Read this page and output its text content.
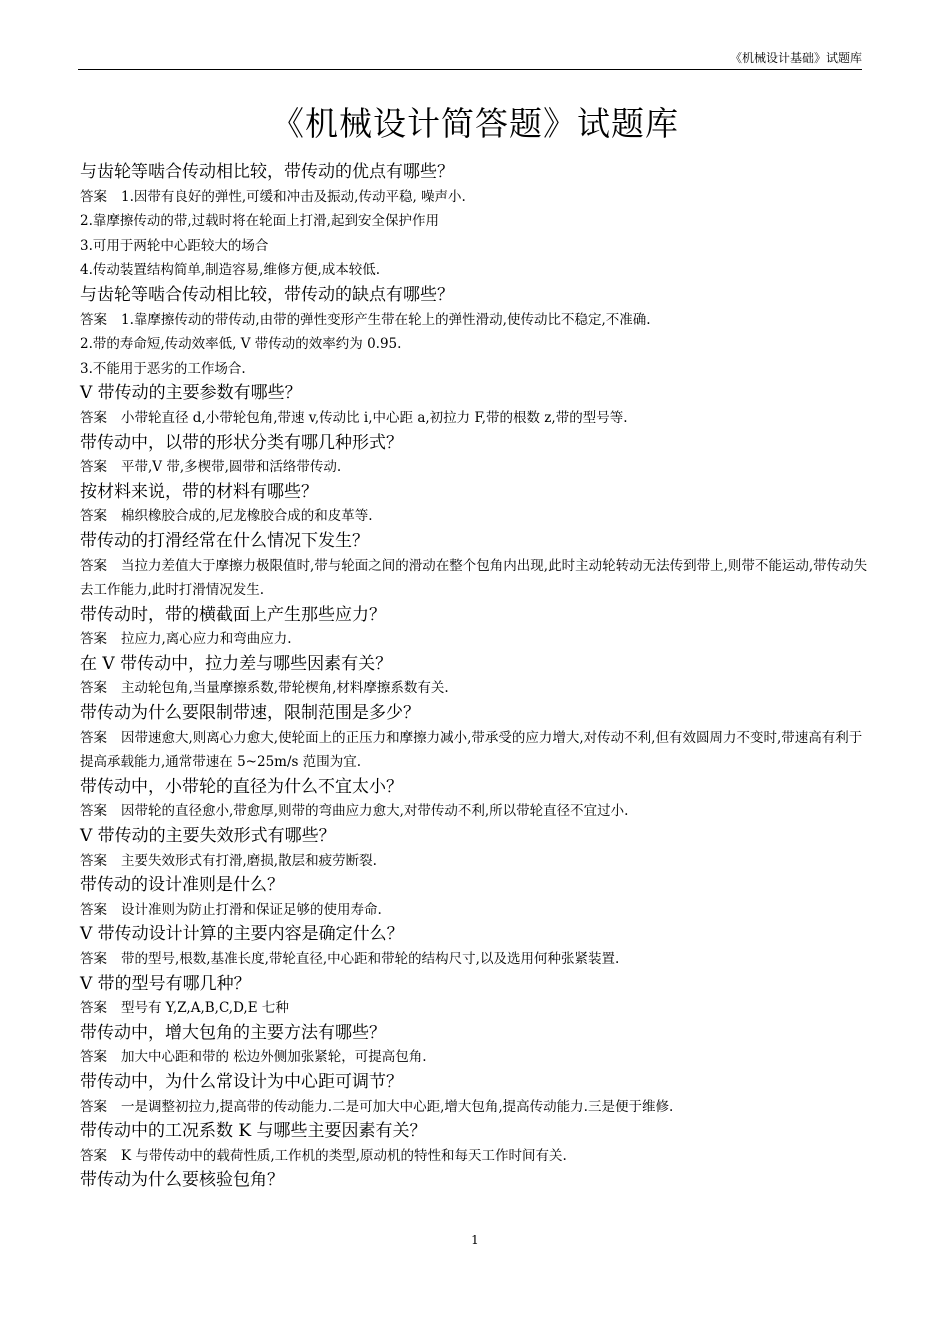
《机械设计基础》试题库
《机械设计简答题》试题库
与齿轮等啮合传动相比较，带传动的优点有哪些？
答案 1.因带有良好的弹性,可缓和冲击及振动,传动平稳, 噪声小.
2.靠摩擦传动的带,过载时将在轮面上打滑,起到安全保护作用
3.可用于两轮中心距较大的场合
4.传动装置结构简单,制造容易,维修方便,成本较低.
与齿轮等啮合传动相比较，带传动的缺点有哪些？
答案 1.靠摩擦传动的带传动,由带的弹性变形产生带在轮上的弹性滑动,使传动比不稳定,不准确.
2.带的寿命短,传动效率低, V 带传动的效率约为 0.95.
3.不能用于恶劣的工作场合.
V 带传动的主要参数有哪些？
答案 小带轮直径 d,小带轮包角,带速 v,传动比 i,中心距 a,初拉力 F,带的根数 z,带的型号等.
带传动中，以带的形状分类有哪几种形式？
答案 平带,V 带,多楔带,圆带和活络带传动.
按材料来说，带的材料有哪些？
答案 棉织橡胶合成的,尼龙橡胶合成的和皮革等.
带传动的打滑经常在什么情况下发生？
答案 当拉力差值大于摩擦力极限值时,带与轮面之间的滑动在整个包角内出现,此时主动轮转动无法传到带上,则带不能运动,带传动失去工作能力,此时打滑情况发生.
带传动时，带的横截面上产生那些应力？
答案 拉应力,离心应力和弯曲应力.
在 V 带传动中，拉力差与哪些因素有关？
答案 主动轮包角,当量摩擦系数,带轮楔角,材料摩擦系数有关.
带传动为什么要限制带速，限制范围是多少？
答案 因带速愈大,则离心力愈大,使轮面上的正压力和摩擦力减小,带承受的应力增大,对传动不利,但有效圆周力不变时,带速高有利于提高承载能力,通常带速在 5~25m/s 范围为宜.
带传动中，小带轮的直径为什么不宜太小？
答案 因带轮的直径愈小,带愈厚,则带的弯曲应力愈大,对带传动不利,所以带轮直径不宜过小.
V 带传动的主要失效形式有哪些？
答案 主要失效形式有打滑,磨损,散层和疲劳断裂.
带传动的设计准则是什么？
答案 设计准则为防止打滑和保证足够的使用寿命.
V 带传动设计计算的主要内容是确定什么？
答案 带的型号,根数,基准长度,带轮直径,中心距和带轮的结构尺寸,以及选用何种张紧装置.
V 带的型号有哪几种？
答案 型号有 Y,Z,A,B,C,D,E 七种
带传动中，增大包角的主要方法有哪些？
答案 加大中心距和带的 松边外侧加张紧轮，可提高包角.
带传动中，为什么常设计为中心距可调节？
答案 一是调整初拉力,提高带的传动能力.二是可加大中心距,增大包角,提高传动能力.三是便于维修.
带传动中的工况系数 K 与哪些主要因素有关？
答案 K 与带传动中的载荷性质,工作机的类型,原动机的特性和每天工作时间有关.
带传动为什么要核验包角？
1
